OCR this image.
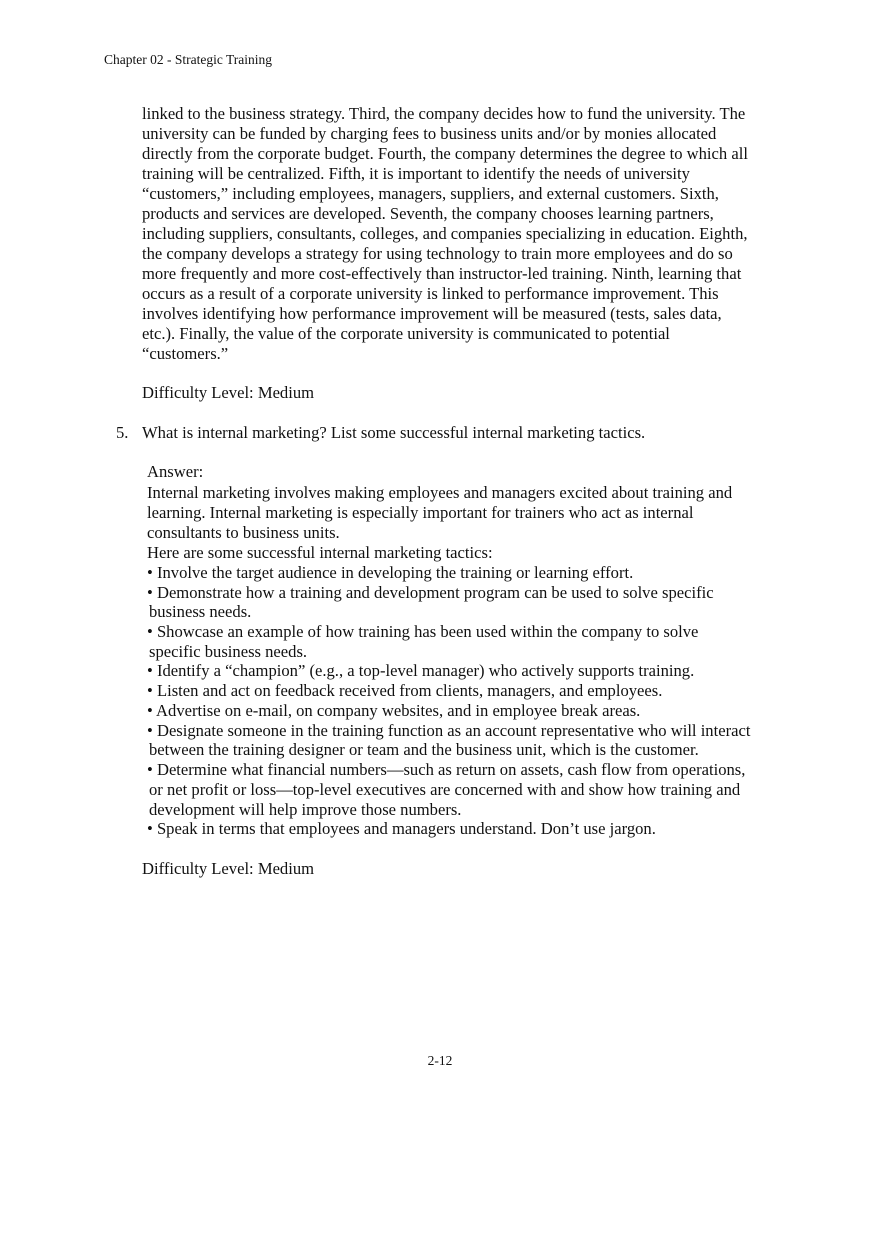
Chapter 02 - Strategic Training
linked to the business strategy. Third, the company decides how to fund the university. The
university can be funded by charging fees to business units and/or by monies allocated
directly from the corporate budget. Fourth, the company determines the degree to which all
training will be centralized. Fifth, it is important to identify the needs of university
“customers,” including employees, managers, suppliers, and external customers. Sixth,
products and services are developed. Seventh, the company chooses learning partners,
including suppliers, consultants, colleges, and companies specializing in education. Eighth,
the company develops a strategy for using technology to train more employees and do so
more frequently and more cost-effectively than instructor-led training. Ninth, learning that
occurs as a result of a corporate university is linked to performance improvement. This
involves identifying how performance improvement will be measured (tests, sales data,
etc.). Finally, the value of the corporate university is communicated to potential
“customers.”
Difficulty Level: Medium
5. What is internal marketing? List some successful internal marketing tactics.
Answer:
Internal marketing involves making employees and managers excited about training and
learning. Internal marketing is especially important for trainers who act as internal
consultants to business units.
Here are some successful internal marketing tactics:
• Involve the target audience in developing the training or learning effort.
• Demonstrate how a training and development program can be used to solve specific
business needs.
• Showcase an example of how training has been used within the company to solve
specific business needs.
• Identify a “champion” (e.g., a top-level manager) who actively supports training.
• Listen and act on feedback received from clients, managers, and employees.
• Advertise on e-mail, on company websites, and in employee break areas.
• Designate someone in the training function as an account representative who will interact
between the training designer or team and the business unit, which is the customer.
• Determine what financial numbers—such as return on assets, cash flow from operations,
or net profit or loss—top-level executives are concerned with and show how training and
development will help improve those numbers.
• Speak in terms that employees and managers understand. Don’t use jargon.
Difficulty Level: Medium
2-12
